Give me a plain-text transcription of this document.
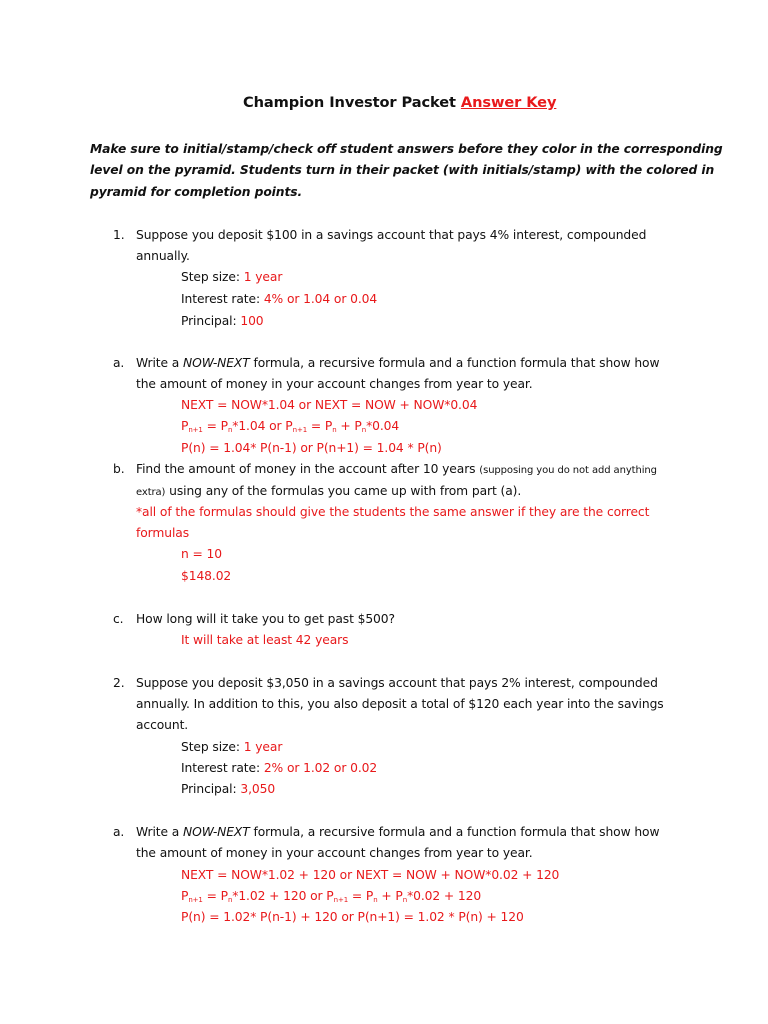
Champion Investor Packet Answer Key
Make sure to initial/stamp/check off student answers before they color in the corresponding
level on the pyramid. Students turn in their packet (with initials/stamp) with the colored in
pyramid for completion points.
1. Suppose you deposit $100 in a savings account that pays 4% interest, compounded
annually.
Step size: 1 year
Interest rate: 4% or 1.04 or 0.04
Principal: 100
a. Write a NOW-NEXT formula, a recursive formula and a function formula that show how
the amount of money in your account changes from year to year.
NEXT = NOW*1.04 or NEXT = NOW + NOW*0.04
$P_{n+1} = P_n*1.04$ or $P_{n+1} = P_n + P_n*0.04$
P(n) = 1.04* P(n-1) or P(n+1) = 1.04 * P(n)
b. Find the amount of money in the account after 10 years (supposing you do not add anything
extra) using any of the formulas you came up with from part (a).
*all of the formulas should give the students the same answer if they are the correct
formulas
n = 10
$148.02
c. How long will it take you to get past $500?
It will take at least 42 years
2. Suppose you deposit $3,050 in a savings account that pays 2% interest, compounded
annually. In addition to this, you also deposit a total of $120 each year into the savings
account.
Step size: 1 year
Interest rate: 2% or 1.02 or 0.02
Principal: 3,050
a. Write a NOW-NEXT formula, a recursive formula and a function formula that show how
the amount of money in your account changes from year to year.
NEXT = NOW*1.02 + 120 or NEXT = NOW + NOW*0.02 + 120
$P_{n+1} = P_n*1.02 + 120$ or $P_{n+1} = P_n + P_n*0.02 + 120$
P(n) = 1.02* P(n-1) + 120 or P(n+1) = 1.02 * P(n) + 120
